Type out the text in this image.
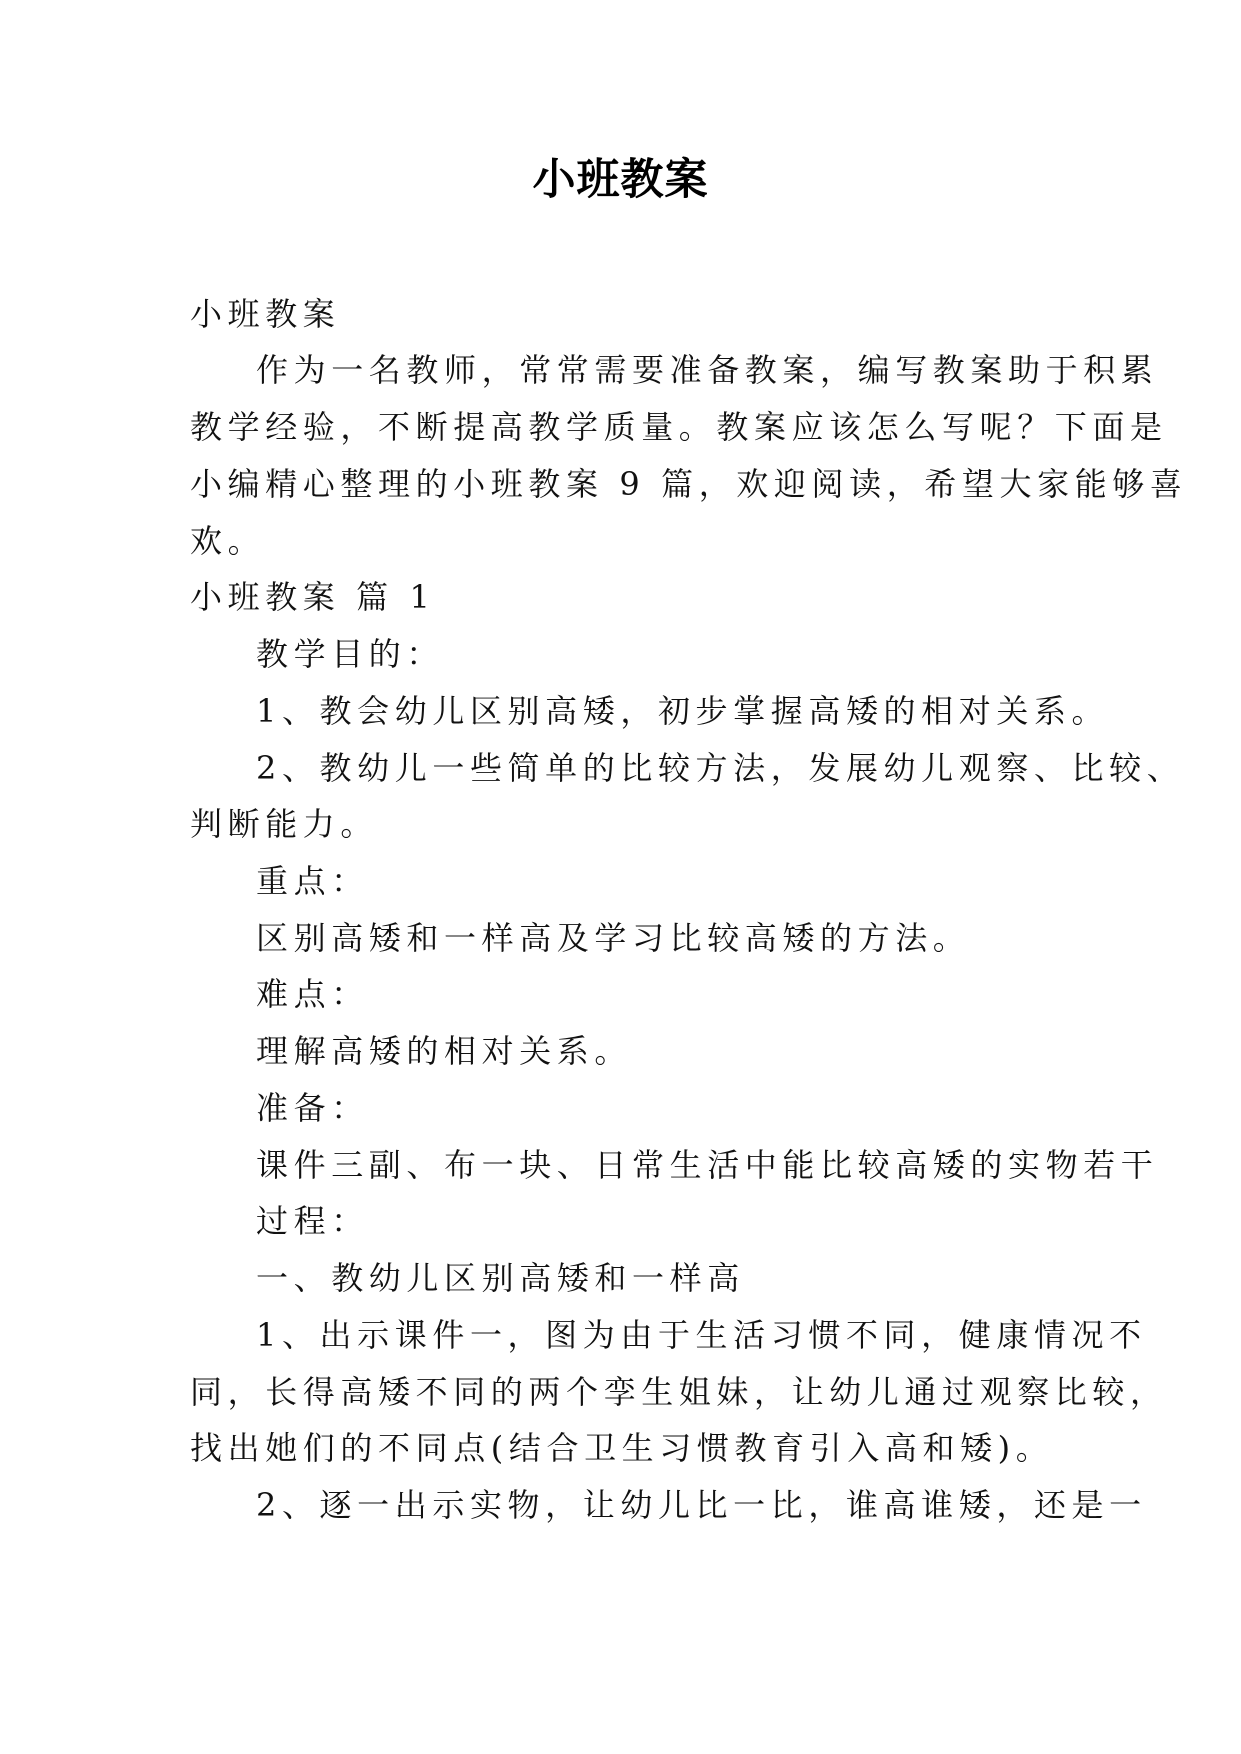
小班教案
小班教案
作为一名教师，常常需要准备教案，编写教案助于积累
教学经验，不断提高教学质量。教案应该怎么写呢？下面是
小编精心整理的小班教案 9 篇，欢迎阅读，希望大家能够喜
欢。
小班教案 篇 1
教学目的：
1、教会幼儿区别高矮，初步掌握高矮的相对关系。
2、教幼儿一些简单的比较方法，发展幼儿观察、比较、
判断能力。
重点：
区别高矮和一样高及学习比较高矮的方法。
难点：
理解高矮的相对关系。
准备：
课件三副、布一块、日常生活中能比较高矮的实物若干
过程：
一、教幼儿区别高矮和一样高
1、出示课件一，图为由于生活习惯不同，健康情况不
同，长得高矮不同的两个孪生姐妹，让幼儿通过观察比较，
找出她们的不同点(结合卫生习惯教育引入高和矮)。
2、逐一出示实物，让幼儿比一比，谁高谁矮，还是一
